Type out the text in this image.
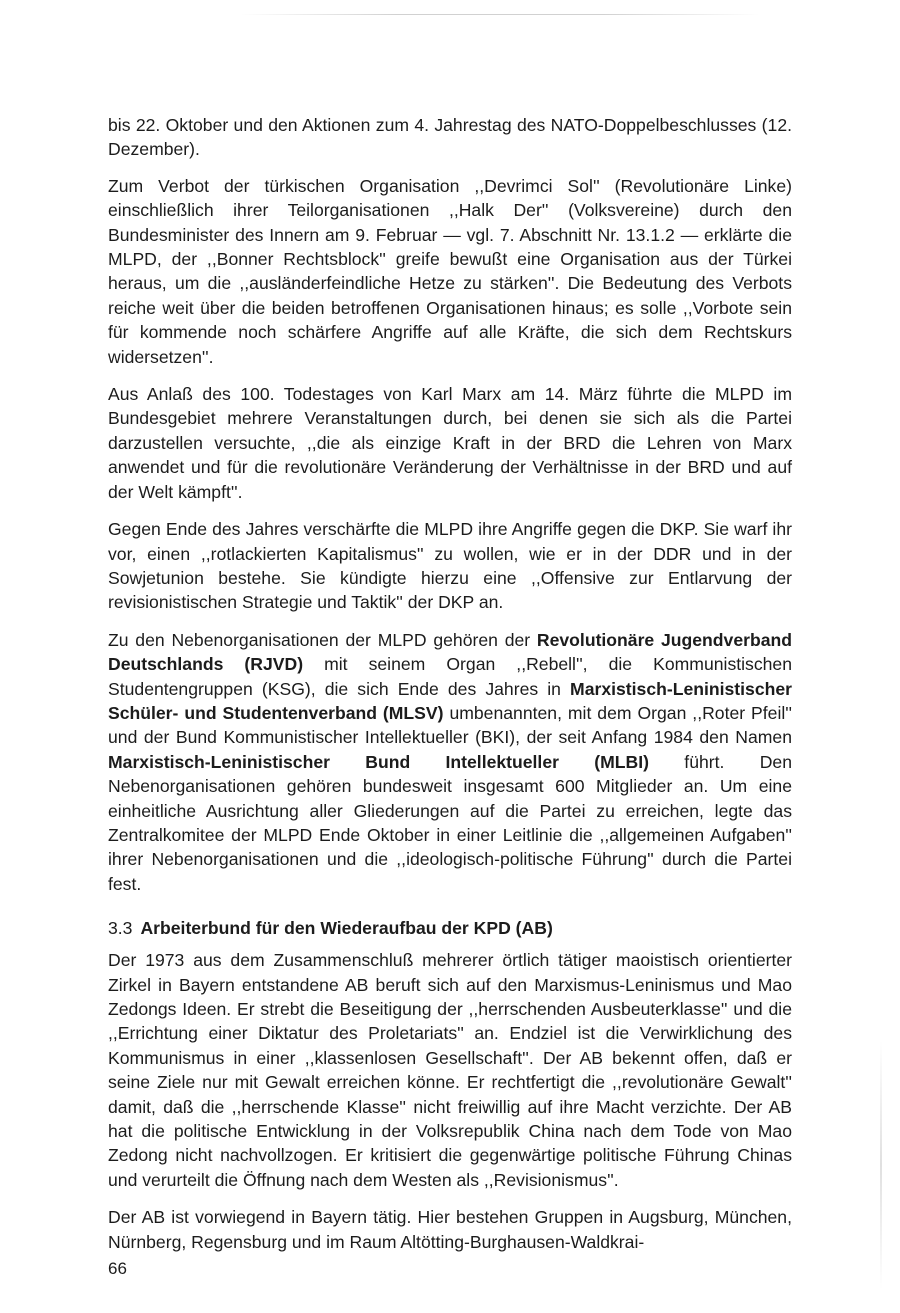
bis 22. Oktober und den Aktionen zum 4. Jahrestag des NATO-Doppelbeschlusses (12. Dezember).

Zum Verbot der türkischen Organisation ,,Devrimci Sol'' (Revolutionäre Linke) einschließlich ihrer Teilorganisationen ,,Halk Der'' (Volksvereine) durch den Bundesminister des Innern am 9. Februar — vgl. 7. Abschnitt Nr. 13.1.2 — erklärte die MLPD, der ,,Bonner Rechtsblock'' greife bewußt eine Organisation aus der Türkei heraus, um die ,,ausländerfeindliche Hetze zu stärken''. Die Bedeutung des Verbots reiche weit über die beiden betroffenen Organisationen hinaus; es solle ,,Vorbote sein für kommende noch schärfere Angriffe auf alle Kräfte, die sich dem Rechtskurs widersetzen''.

Aus Anlaß des 100. Todestages von Karl Marx am 14. März führte die MLPD im Bundesgebiet mehrere Veranstaltungen durch, bei denen sie sich als die Partei darzustellen versuchte, ,,die als einzige Kraft in der BRD die Lehren von Marx anwendet und für die revolutionäre Veränderung der Verhältnisse in der BRD und auf der Welt kämpft''.

Gegen Ende des Jahres verschärfte die MLPD ihre Angriffe gegen die DKP. Sie warf ihr vor, einen ,,rotlackierten Kapitalismus'' zu wollen, wie er in der DDR und in der Sowjetunion bestehe. Sie kündigte hierzu eine ,,Offensive zur Entlarvung der revisionistischen Strategie und Taktik'' der DKP an.

Zu den Nebenorganisationen der MLPD gehören der Revolutionäre Jugendverband Deutschlands (RJVD) mit seinem Organ ,,Rebell'', die Kommunistischen Studentengruppen (KSG), die sich Ende des Jahres in Marxistisch-Leninistischer Schüler- und Studentenverband (MLSV) umbenannten, mit dem Organ ,,Roter Pfeil'' und der Bund Kommunistischer Intellektueller (BKI), der seit Anfang 1984 den Namen Marxistisch-Leninistischer Bund Intellektueller (MLBI) führt. Den Nebenorganisationen gehören bundesweit insgesamt 600 Mitglieder an. Um eine einheitliche Ausrichtung aller Gliederungen auf die Partei zu erreichen, legte das Zentralkomitee der MLPD Ende Oktober in einer Leitlinie die ,,allgemeinen Aufgaben'' ihrer Nebenorganisationen und die ,,ideologisch-politische Führung'' durch die Partei fest.

3.3 Arbeiterbund für den Wiederaufbau der KPD (AB)

Der 1973 aus dem Zusammenschluß mehrerer örtlich tätiger maoistisch orientierter Zirkel in Bayern entstandene AB beruft sich auf den Marxismus-Leninismus und Mao Zedongs Ideen. Er strebt die Beseitigung der ,,herrschenden Ausbeuterklasse'' und die ,,Errichtung einer Diktatur des Proletariats'' an. Endziel ist die Verwirklichung des Kommunismus in einer ,,klassenlosen Gesellschaft''. Der AB bekennt offen, daß er seine Ziele nur mit Gewalt erreichen könne. Er rechtfertigt die ,,revolutionäre Gewalt'' damit, daß die ,,herrschende Klasse'' nicht freiwillig auf ihre Macht verzichte. Der AB hat die politische Entwicklung in der Volksrepublik China nach dem Tode von Mao Zedong nicht nachvollzogen. Er kritisiert die gegenwärtige politische Führung Chinas und verurteilt die Öffnung nach dem Westen als ,,Revisionismus''.

Der AB ist vorwiegend in Bayern tätig. Hier bestehen Gruppen in Augsburg, München, Nürnberg, Regensburg und im Raum Altötting-Burghausen-Waldkrai-

66
